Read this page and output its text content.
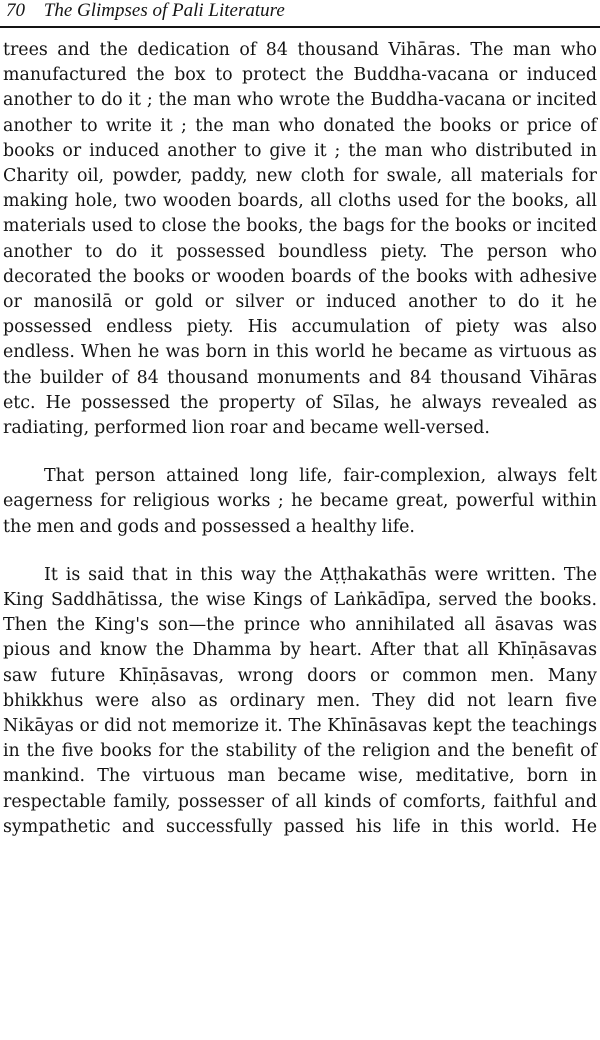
70 The Glimpses of Pali Literature

trees and the dedication of 84 thousand Vihāras. The man who manufactured the box to protect the Buddha-vacana or induced another to do it ; the man who wrote the Buddha-vacana or incited another to write it ; the man who donated the books or price of books or induced another to give it ; the man who distributed in Charity oil, powder, paddy, new cloth for swale, all materials for making hole, two wooden boards, all cloths used for the books, all materials used to close the books, the bags for the books or incited another to do it possessed boundless piety. The person who decorated the books or wooden boards of the books with adhesive or manosilā or gold or silver or induced another to do it he possessed endless piety. His accumulation of piety was also endless. When he was born in this world he became as virtuous as the builder of 84 thousand monuments and 84 thousand Vihāras etc. He possessed the property of Sīlas, he always revealed as radiating, performed lion roar and became well-versed.

That person attained long life, fair-complexion, always felt eagerness for religious works ; he became great, powerful within the men and gods and possessed a healthy life.

It is said that in this way the Aṭṭhakathās were written. The King Saddhātissa, the wise Kings of Laṅkādīpa, served the books. Then the King's son—the prince who annihilated all āsavas was pious and know the Dhamma by heart. After that all Khīṇāsavas saw future Khīṇāsavas, wrong doors or common men. Many bhikkhus were also as ordinary men. They did not learn five Nikāyas or did not memorize it. The Khīnāsavas kept the teachings in the five books for the stability of the religion and the benefit of mankind. The virtuous man became wise, meditative, born in respectable family, possesser of all kinds of comforts, faithful and sympathetic and successfully passed his life in this world. He
